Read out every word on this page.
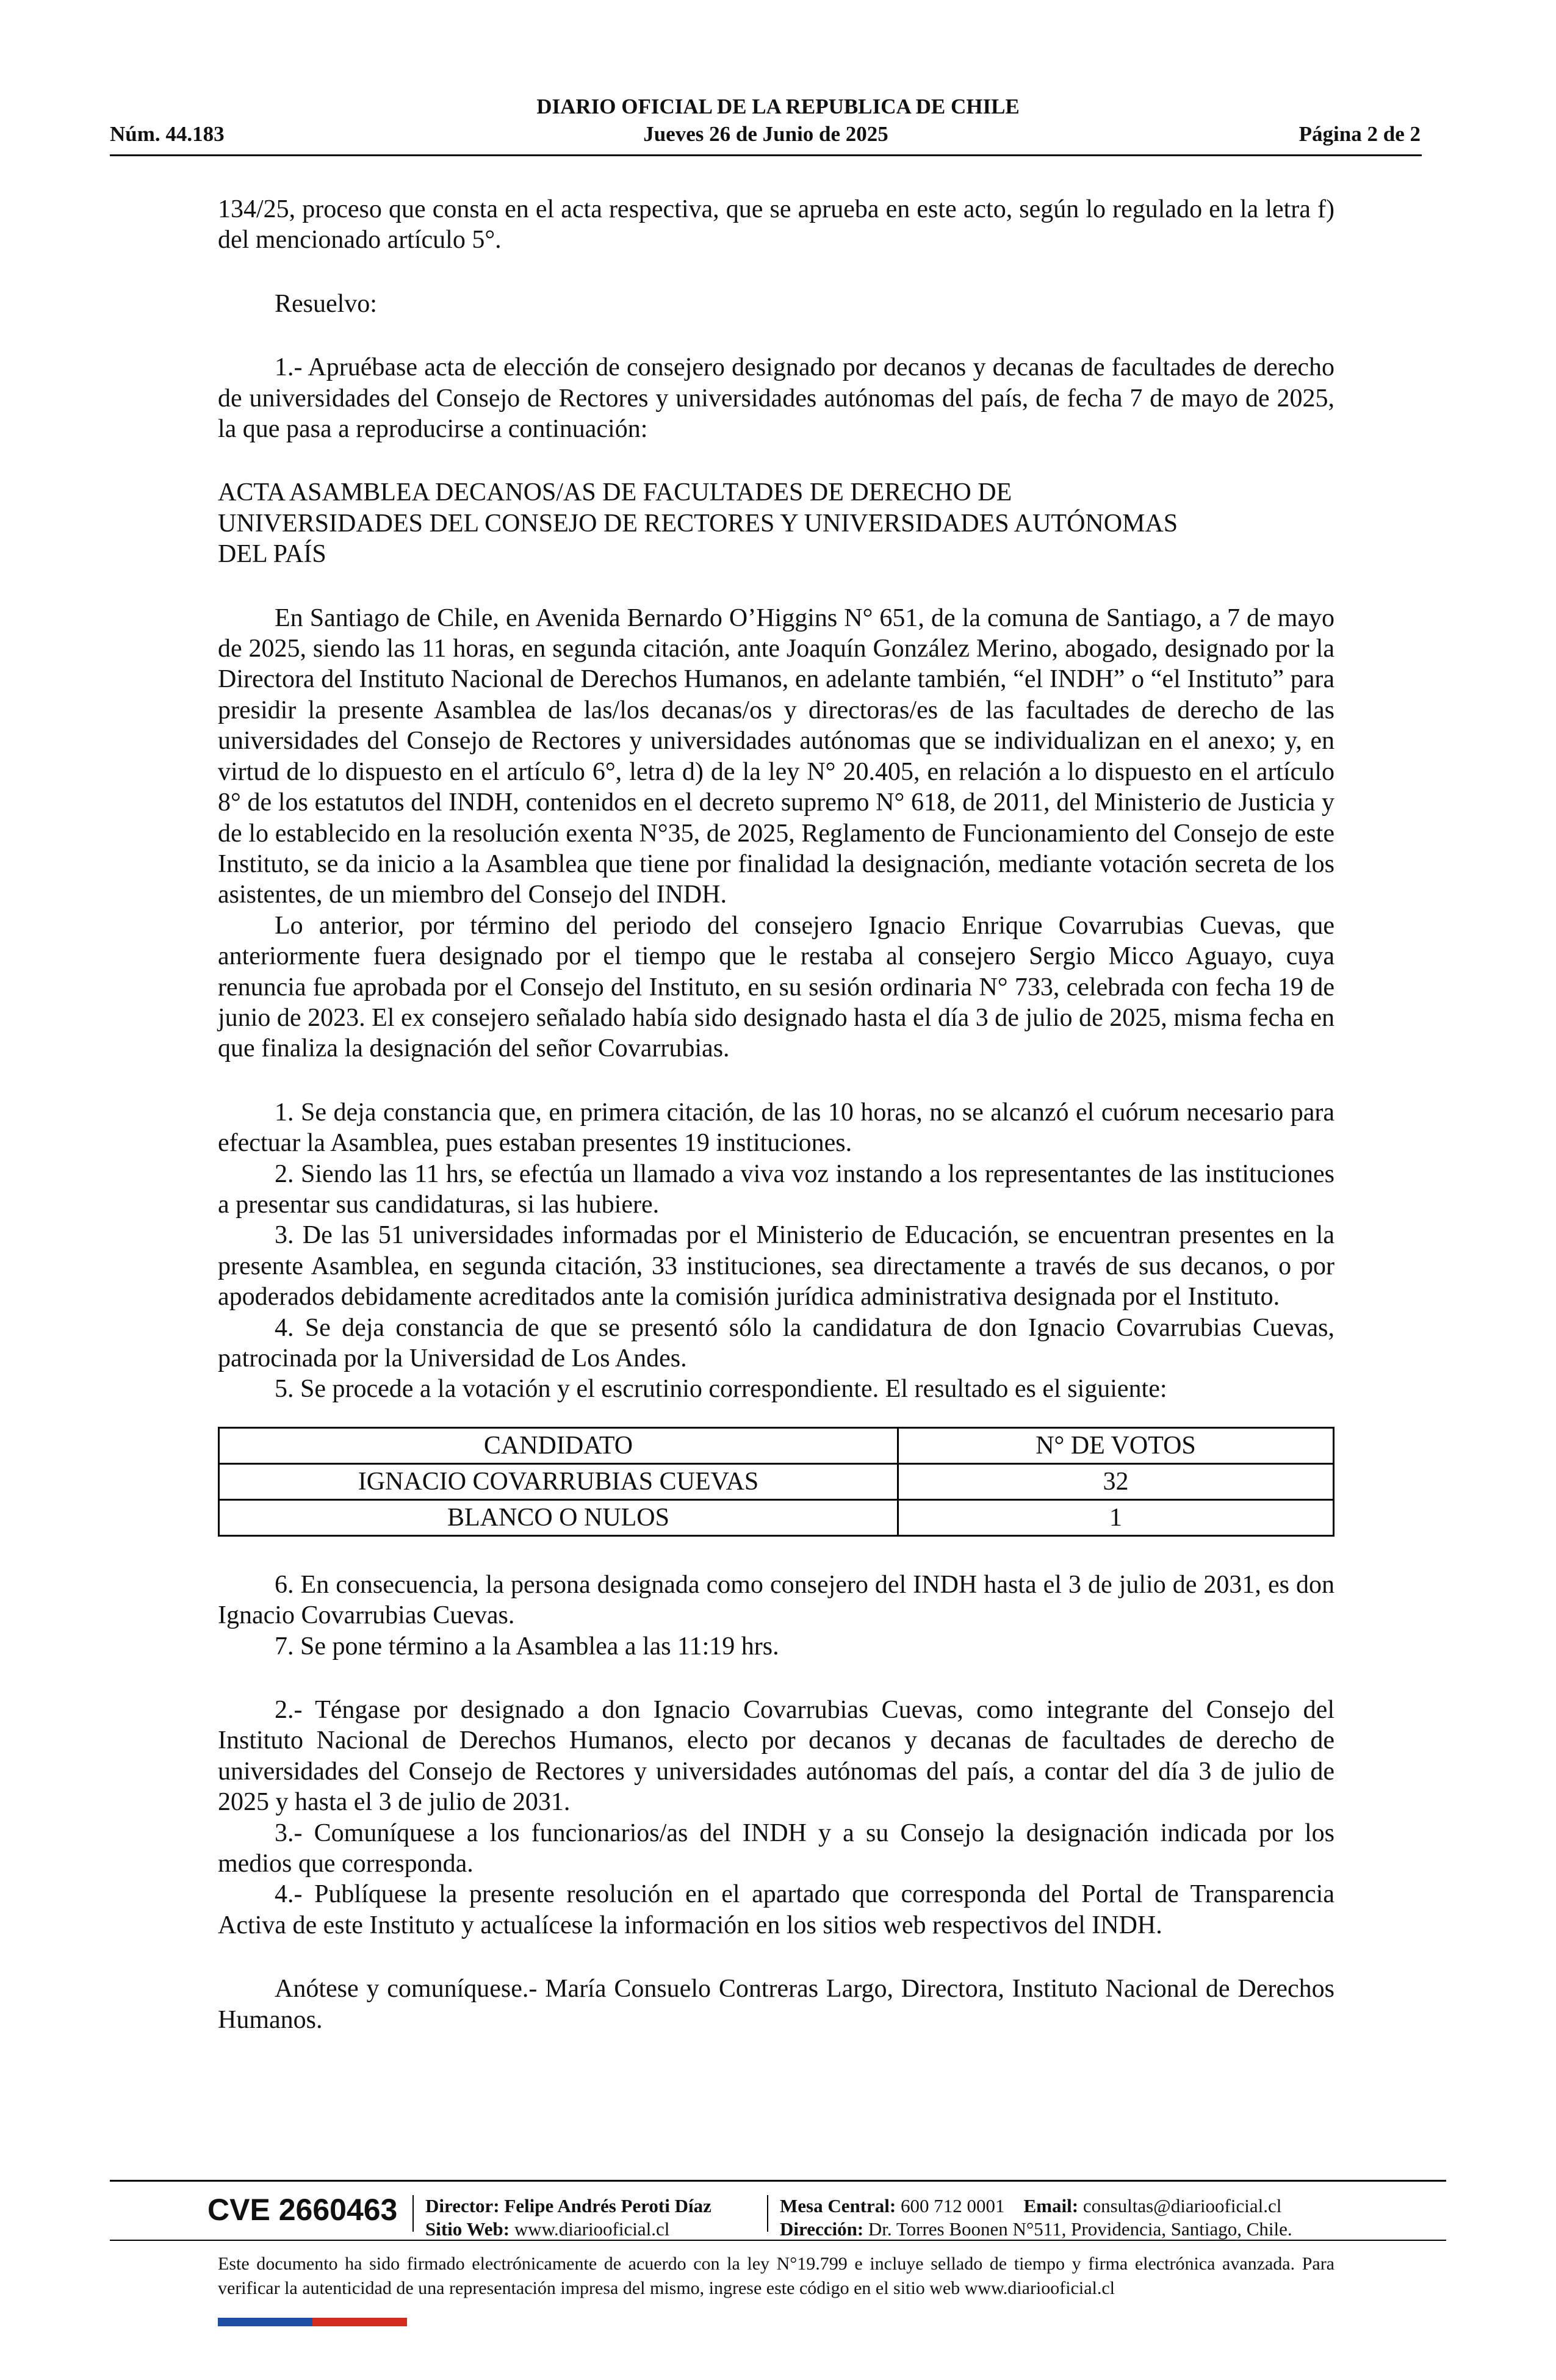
DIARIO OFICIAL DE LA REPUBLICA DE CHILE
Núm. 44.183	Jueves 26 de Junio de 2025	Página 2 de 2

134/25, proceso que consta en el acta respectiva, que se aprueba en este acto, según lo regulado en la letra f) del mencionado artículo 5°.

Resuelvo:

1.- Apruébase acta de elección de consejero designado por decanos y decanas de facultades de derecho de universidades del Consejo de Rectores y universidades autónomas del país, de fecha 7 de mayo de 2025, la que pasa a reproducirse a continuación:

ACTA ASAMBLEA DECANOS/AS DE FACULTADES DE DERECHO DE

UNIVERSIDADES DEL CONSEJO DE RECTORES Y UNIVERSIDADES AUTÓNOMAS

DEL PAÍS

En Santiago de Chile, en Avenida Bernardo O’Higgins N° 651, de la comuna de Santiago, a 7 de mayo de 2025, siendo las 11 horas, en segunda citación, ante Joaquín González Merino, abogado, designado por la Directora del Instituto Nacional de Derechos Humanos, en adelante también, “el INDH” o “el Instituto” para presidir la presente Asamblea de las/los decanas/os y directoras/es de las facultades de derecho de las universidades del Consejo de Rectores y universidades autónomas que se individualizan en el anexo; y, en virtud de lo dispuesto en el artículo 6°, letra d) de la ley N° 20.405, en relación a lo dispuesto en el artículo 8° de los estatutos del INDH, contenidos en el decreto supremo N° 618, de 2011, del Ministerio de Justicia y de lo establecido en la resolución exenta N°35, de 2025, Reglamento de Funcionamiento del Consejo de este Instituto, se da inicio a la Asamblea que tiene por finalidad la designación, mediante votación secreta de los asistentes, de un miembro del Consejo del INDH.

Lo anterior, por término del periodo del consejero Ignacio Enrique Covarrubias Cuevas, que anteriormente fuera designado por el tiempo que le restaba al consejero Sergio Micco Aguayo, cuya renuncia fue aprobada por el Consejo del Instituto, en su sesión ordinaria N° 733, celebrada con fecha 19 de junio de 2023. El ex consejero señalado había sido designado hasta el día 3 de julio de 2025, misma fecha en que finaliza la designación del señor Covarrubias.

1. Se deja constancia que, en primera citación, de las 10 horas, no se alcanzó el cuórum necesario para efectuar la Asamblea, pues estaban presentes 19 instituciones.

2. Siendo las 11 hrs, se efectúa un llamado a viva voz instando a los representantes de las instituciones a presentar sus candidaturas, si las hubiere.

3. De las 51 universidades informadas por el Ministerio de Educación, se encuentran presentes en la presente Asamblea, en segunda citación, 33 instituciones, sea directamente a través de sus decanos, o por apoderados debidamente acreditados ante la comisión jurídica administrativa designada por el Instituto.

4. Se deja constancia de que se presentó sólo la candidatura de don Ignacio Covarrubias Cuevas, patrocinada por la Universidad de Los Andes.

5. Se procede a la votación y el escrutinio correspondiente. El resultado es el siguiente:

CANDIDATO	N° DE VOTOS
IGNACIO COVARRUBIAS CUEVAS	32
BLANCO O NULOS	1

6. En consecuencia, la persona designada como consejero del INDH hasta el 3 de julio de 2031, es don Ignacio Covarrubias Cuevas.

7. Se pone término a la Asamblea a las 11:19 hrs.

2.- Téngase por designado a don Ignacio Covarrubias Cuevas, como integrante del Consejo del Instituto Nacional de Derechos Humanos, electo por decanos y decanas de facultades de derecho de universidades del Consejo de Rectores y universidades autónomas del país, a contar del día 3 de julio de 2025 y hasta el 3 de julio de 2031.

3.- Comuníquese a los funcionarios/as del INDH y a su Consejo la designación indicada por los medios que corresponda.

4.- Publíquese la presente resolución en el apartado que corresponda del Portal de Transparencia Activa de este Instituto y actualícese la información en los sitios web respectivos del INDH.

Anótese y comuníquese.- María Consuelo Contreras Largo, Directora, Instituto Nacional de Derechos Humanos.

CVE 2660463 Director: Felipe Andrés Peroti Díaz
Sitio Web: www.diariooficial.cl
Mesa Central: 600 712 0001 Email: consultas@diariooficial.cl
Dirección: Dr. Torres Boonen N°511, Providencia, Santiago, Chile.
Este documento ha sido firmado electrónicamente de acuerdo con la ley N°19.799 e incluye sellado de tiempo y firma electrónica avanzada. Para verificar la autenticidad de una representación impresa del mismo, ingrese este código en el sitio web www.diariooficial.cl
